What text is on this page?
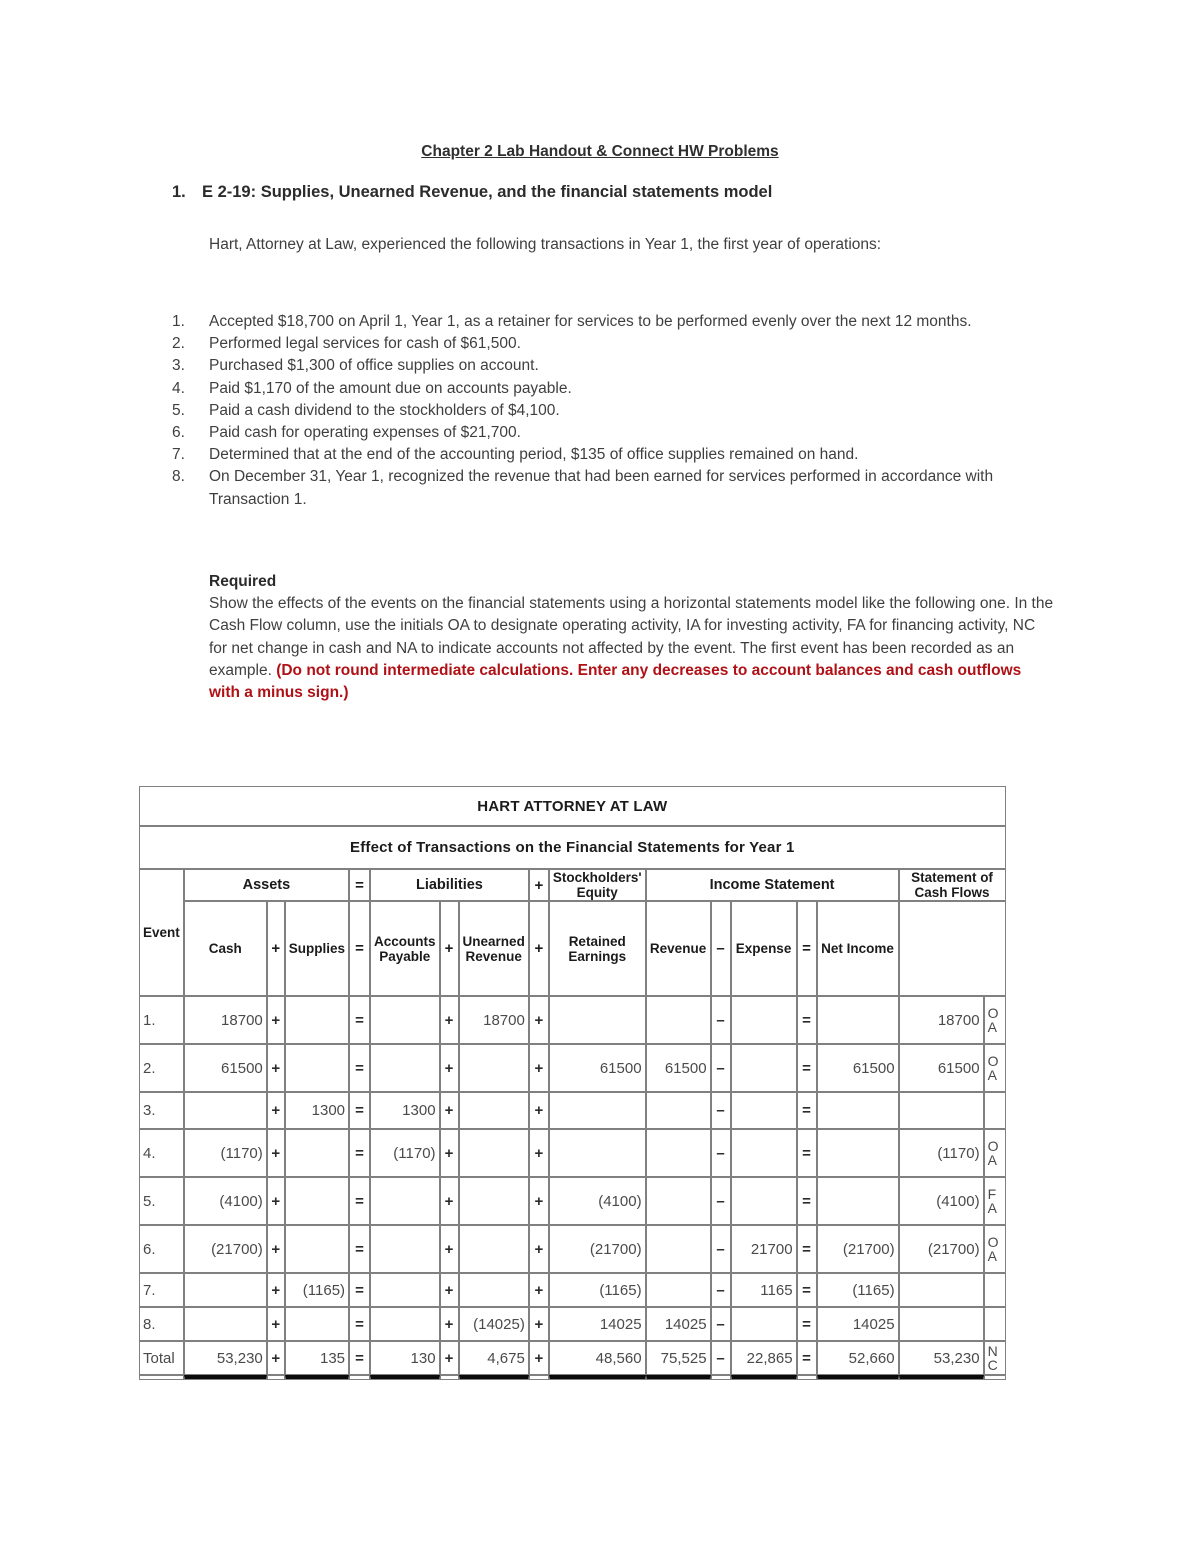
Chapter 2 Lab Handout & Connect HW Problems
1. E 2-19: Supplies, Unearned Revenue, and the financial statements model
Hart, Attorney at Law, experienced the following transactions in Year 1, the first year of operations:
1.	Accepted $18,700 on April 1, Year 1, as a retainer for services to be performed evenly over the next 12 months.
2.	Performed legal services for cash of $61,500.
3.	Purchased $1,300 of office supplies on account.
4.	Paid $1,170 of the amount due on accounts payable.
5.	Paid a cash dividend to the stockholders of $4,100.
6.	Paid cash for operating expenses of $21,700.
7.	Determined that at the end of the accounting period, $135 of office supplies remained on hand.
8.	On December 31, Year 1, recognized the revenue that had been earned for services performed in accordance with Transaction 1.
Required
Show the effects of the events on the financial statements using a horizontal statements model like the following one. In the Cash Flow column, use the initials OA to designate operating activity, IA for investing activity, FA for financing activity, NC for net change in cash and NA to indicate accounts not affected by the event. The first event has been recorded as an example. (Do not round intermediate calculations. Enter any decreases to account balances and cash outflows with a minus sign.)
HART ATTORNEY AT LAW																
Effect of Transactions on the Financial Statements for Year 1																
Event	Assets			=	Liabilities			+	Stockholders' Equity	Income Statement					Statement of Cash Flows	
	Cash	+	Supplies	=	Accounts Payable	+	Unearned Revenue	+	Retained Earnings	Revenue	–	Expense	=	Net Income		
1.	18700	+		=		+	18700	+			–		=		18700	OA
2.	61500	+		=		+		+	61500	61500	–		=	61500	61500	OA
3.		+	1300	=	1300	+		+			–		=			
4.	(1170)	+		=	(1170)	+		+			–		=		(1170)	OA
5.	(4100)	+		=		+		+	(4100)		–		=		(4100)	FA
6.	(21700)	+		=		+		+	(21700)		–	21700	=	(21700)	(21700)	OA
7.		+	(1165)	=		+		+	(1165)		–	1165	=	(1165)		
8.		+		=		+	(14025)	+	14025	14025	–		=	14025		
Total	53,230	+	135	=	130	+	4,675	+	48,560	75,525	–	22,865	=	52,660	53,230	NC
